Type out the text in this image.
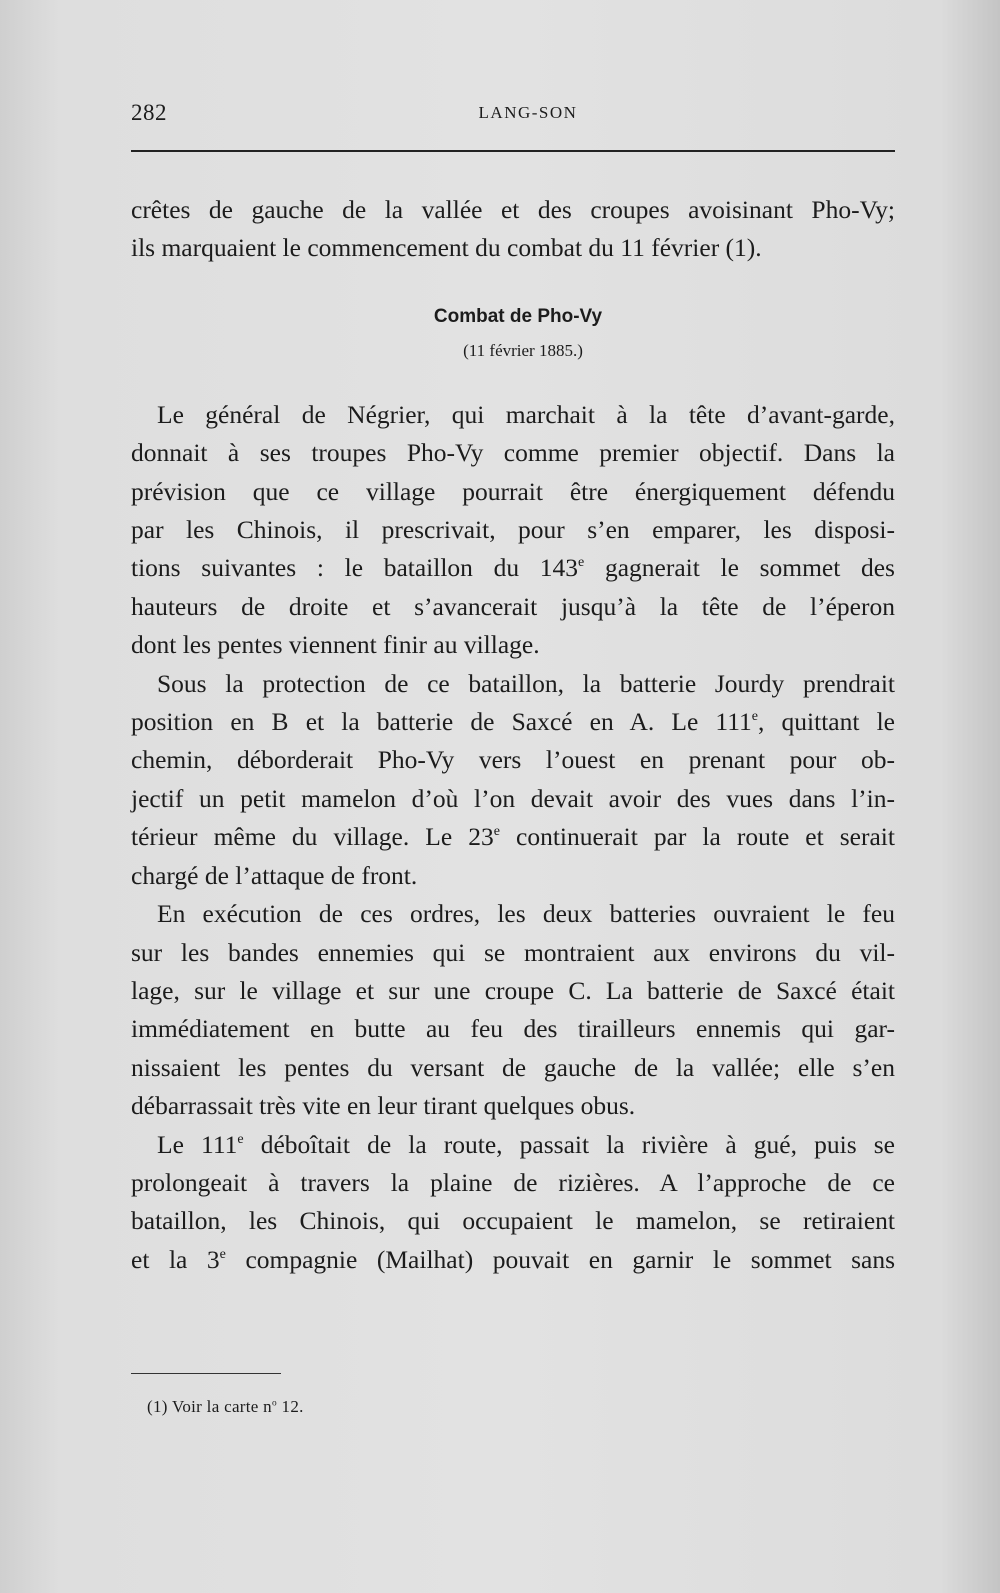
282	LANG-SON

crêtes de gauche de la vallée et des croupes avoisinant Pho-Vy;

ils marquaient le commencement du combat du 11 février (1).

Combat de Pho-Vy
(11 février 1885.)

Le général de Négrier, qui marchait à la tête d’avant-garde,

donnait à ses troupes Pho-Vy comme premier objectif. Dans la

prévision que ce village pourrait être énergiquement défendu

par les Chinois, il prescrivait, pour s’en emparer, les disposi-

tions suivantes : le bataillon du 143e gagnerait le sommet des

hauteurs de droite et s’avancerait jusqu’à la tête de l’éperon

dont les pentes viennent finir au village.

Sous la protection de ce bataillon, la batterie Jourdy prendrait

position en B et la batterie de Saxcé en A. Le 111e, quittant le

chemin, déborderait Pho-Vy vers l’ouest en prenant pour ob-

jectif un petit mamelon d’où l’on devait avoir des vues dans l’in-

térieur même du village. Le 23e continuerait par la route et serait

chargé de l’attaque de front.

En exécution de ces ordres, les deux batteries ouvraient le feu

sur les bandes ennemies qui se montraient aux environs du vil-

lage, sur le village et sur une croupe C. La batterie de Saxcé était

immédiatement en butte au feu des tirailleurs ennemis qui gar-

nissaient les pentes du versant de gauche de la vallée; elle s’en

débarrassait très vite en leur tirant quelques obus.

Le 111e déboîtait de la route, passait la rivière à gué, puis se

prolongeait à travers la plaine de rizières. A l’approche de ce

bataillon, les Chinois, qui occupaient le mamelon, se retiraient

et la 3e compagnie (Mailhat) pouvait en garnir le sommet sans

(1) Voir la carte $n^o$ 12.
